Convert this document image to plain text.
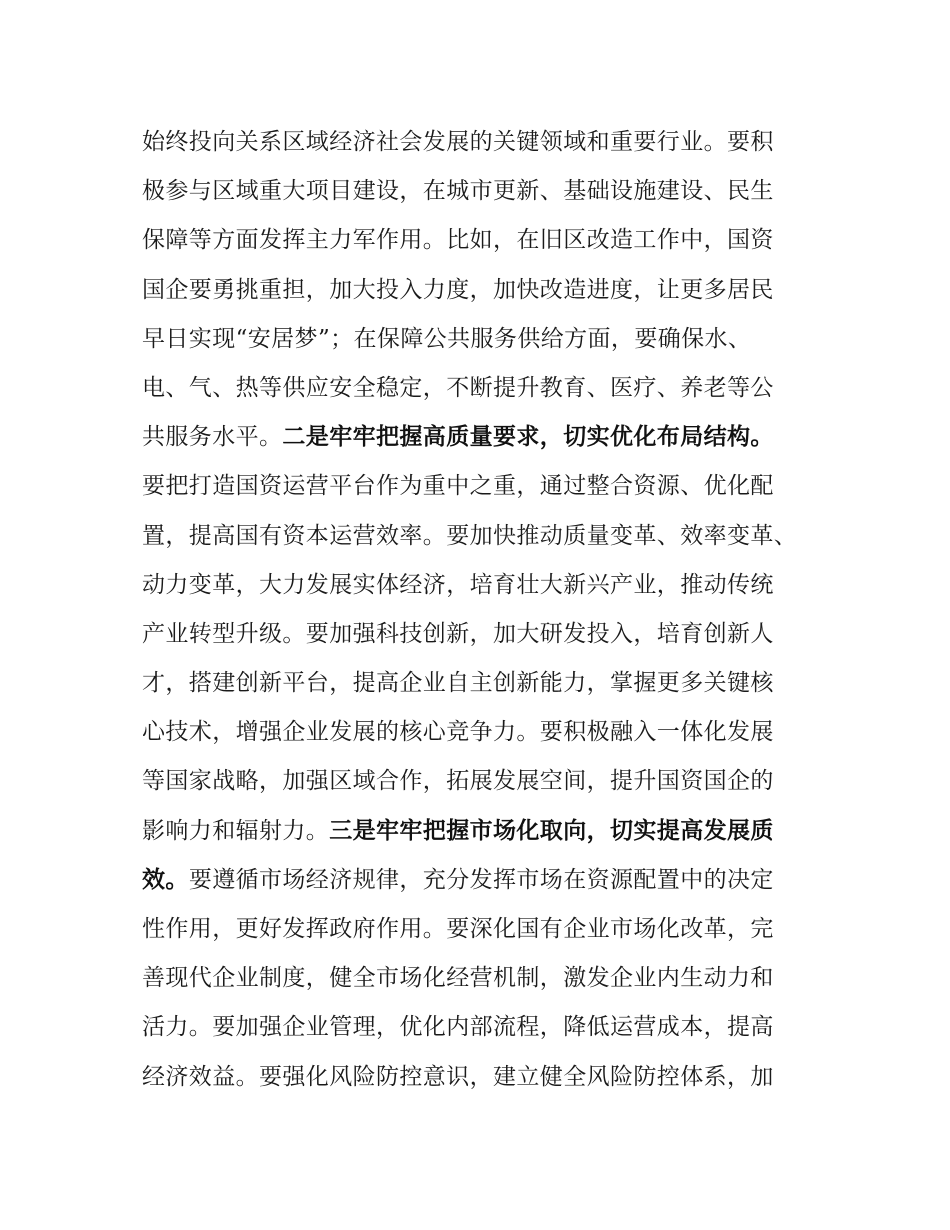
始终投向关系区域经济社会发展的关键领域和重要行业。要积
极参与区域重大项目建设，在城市更新、基础设施建设、民生
保障等方面发挥主力军作用。比如，在旧区改造工作中，国资
国企要勇挑重担，加大投入力度，加快改造进度，让更多居民
早日实现“安居梦”；在保障公共服务供给方面，要确保水、
电、气、热等供应安全稳定，不断提升教育、医疗、养老等公
共服务水平。二是牢牢把握高质量要求，切实优化布局结构。
要把打造国资运营平台作为重中之重，通过整合资源、优化配
置，提高国有资本运营效率。要加快推动质量变革、效率变革、
动力变革，大力发展实体经济，培育壮大新兴产业，推动传统
产业转型升级。要加强科技创新，加大研发投入，培育创新人
才，搭建创新平台，提高企业自主创新能力，掌握更多关键核
心技术，增强企业发展的核心竞争力。要积极融入一体化发展
等国家战略，加强区域合作，拓展发展空间，提升国资国企的
影响力和辐射力。三是牢牢把握市场化取向，切实提高发展质
效。要遵循市场经济规律，充分发挥市场在资源配置中的决定
性作用，更好发挥政府作用。要深化国有企业市场化改革，完
善现代企业制度，健全市场化经营机制，激发企业内生动力和
活力。要加强企业管理，优化内部流程，降低运营成本，提高
经济效益。要强化风险防控意识，建立健全风险防控体系，加
